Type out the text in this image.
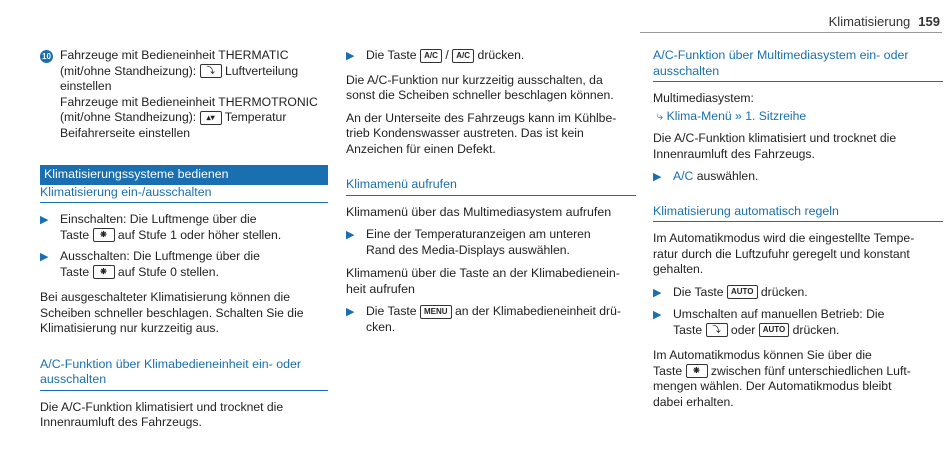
Klimatisierung 159
10 Fahrzeuge mit Bedieneinheit THERMATIC
(mit/ohne Standheizung): ⤵ Luftverteilung
einstellen
Fahrzeuge mit Bedieneinheit THERMOTRONIC
(mit/ohne Standheizung): ▴▾ Temperatur
Beifahrerseite einstellen
Klimatisierungssysteme bedienen
Klimatisierung ein-/ausschalten
▶ Einschalten: Die Luftmenge über die
Taste ❋ auf Stufe 1 oder höher stellen.
▶ Ausschalten: Die Luftmenge über die
Taste ❋ auf Stufe 0 stellen.

Bei ausgeschalteter Klimatisierung können die
Scheiben schneller beschlagen. Schalten Sie die
Klimatisierung nur kurzzeitig aus.

A/C-Funktion über Klimabedieneinheit ein- oder
ausschalten

Die A/C-Funktion klimatisiert und trocknet die
Innenraumluft des Fahrzeugs.

▶ Die Taste A/C / A/C drücken.

Die A/C-Funktion nur kurzzeitig ausschalten, da
sonst die Scheiben schneller beschlagen können.

An der Unterseite des Fahrzeugs kann im Kühlbe-
trieb Kondenswasser austreten. Das ist kein
Anzeichen für einen Defekt.

Klimamenü aufrufen
Klimamenü über das Multimediasystem aufrufen
▶ Eine der Temperaturanzeigen am unteren
Rand des Media-Displays auswählen.
Klimamenü über die Taste an der Klimabedienein-
heit aufrufen
▶ Die Taste MENU an der Klimabedieneinheit drü-
cken.
A/C-Funktion über Multimediasystem ein- oder
ausschalten

Multimediasystem:

⤷ Klima-Menü » 1. Sitzreihe

Die A/C-Funktion klimatisiert und trocknet die
Innenraumluft des Fahrzeugs.

▶ A/C auswählen.
Klimatisierung automatisch regeln

Im Automatikmodus wird die eingestellte Tempe-
ratur durch die Luftzufuhr geregelt und konstant
gehalten.

▶ Die Taste AUTO drücken.
▶ Umschalten auf manuellen Betrieb: Die
Taste ⤵ oder AUTO drücken.

Im Automatikmodus können Sie über die
Taste ❋ zwischen fünf unterschiedlichen Luft-
mengen wählen. Der Automatikmodus bleibt
dabei erhalten.
